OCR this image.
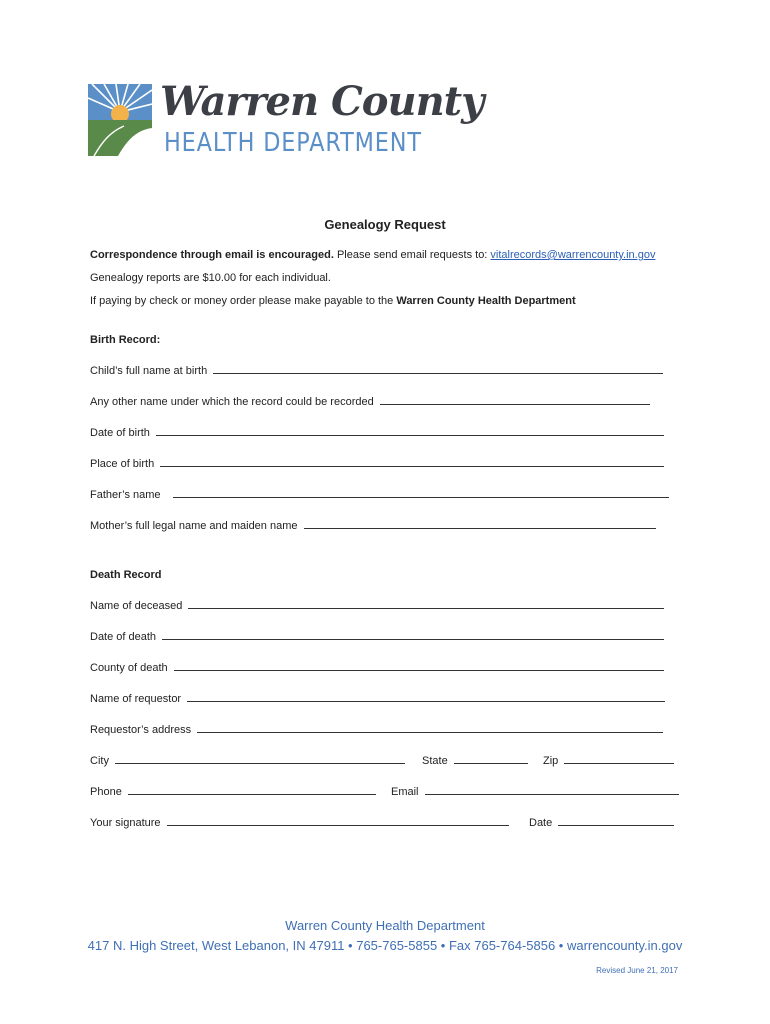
Warren County
HEALTH DEPARTMENT
Genealogy Request
Correspondence through email is encouraged. Please send email requests to: vitalrecords@warrencounty.in.gov
Genealogy reports are $10.00 for each individual.
If paying by check or money order please make payable to the Warren County Health Department
Birth Record:
Child’s full name at birth
Any other name under which the record could be recorded
Date of birth
Place of birth
Father’s name
Mother’s full legal name and maiden name
Death Record
Name of deceased
Date of death
County of death
Name of requestor
Requestor’s address
City	State	Zip
Phone	Email
Your signature	Date
Warren County Health Department
417 N. High Street, West Lebanon, IN 47911 • 765-765-5855 • Fax 765-764-5856 • warrencounty.in.gov
Revised June 21, 2017
